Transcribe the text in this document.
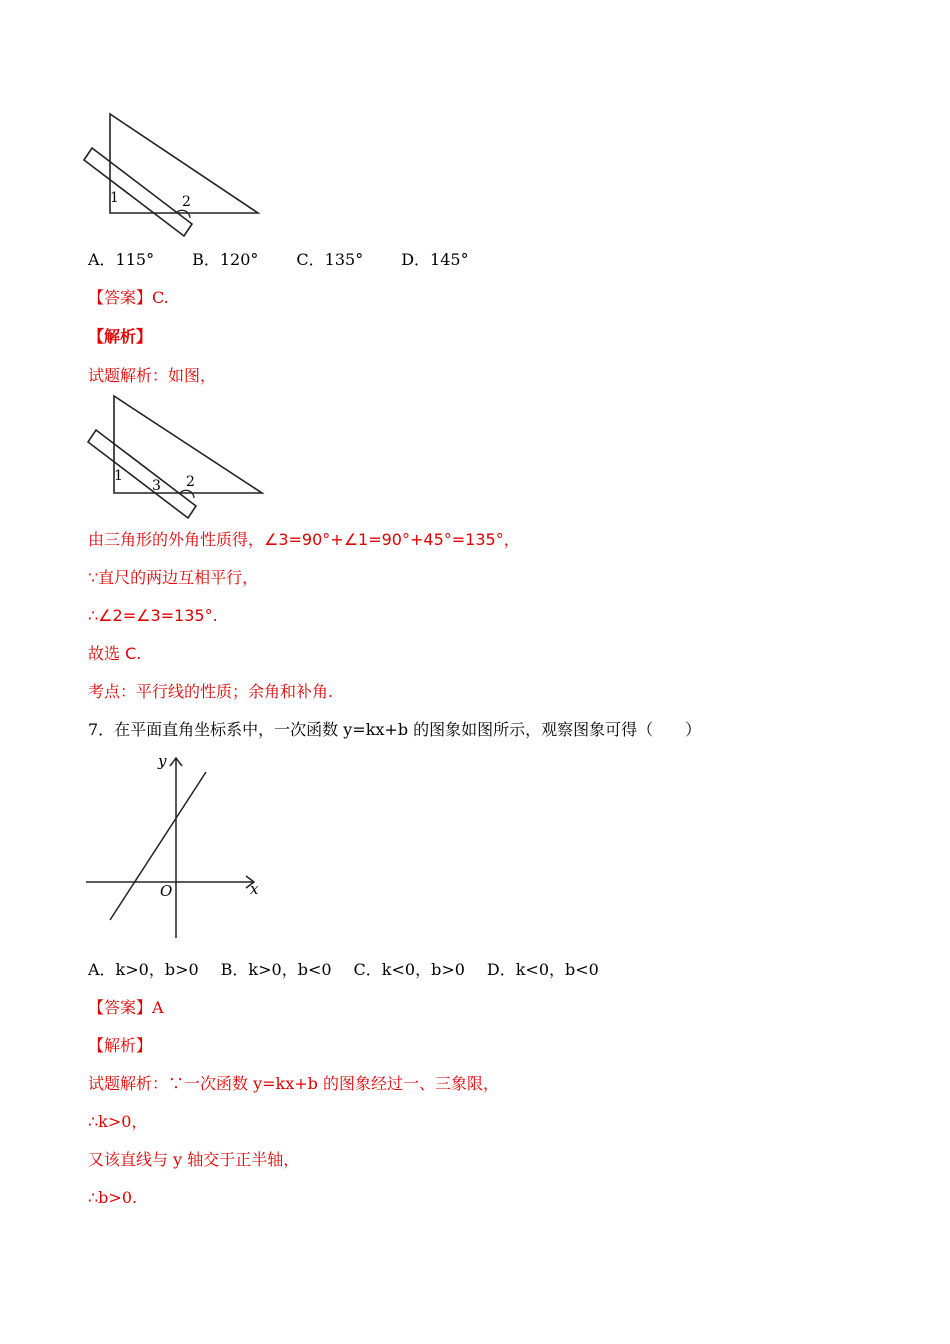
1	2
A．115° B．120° C．135° D．145°
【答案】C.
【解析】
试题解析：如图，
1
3 2
由三角形的外角性质得，∠3=90°+∠1=90°+45°=135°，
∵直尺的两边互相平行，
∴∠2=∠3=135°.
故选 C.
考点：平行线的性质；余角和补角.
7．在平面直角坐标系中，一次函数 y=kx+b 的图象如图所示，观察图象可得（　　）
y
x
O
A．k>0，b>0 B．k>0，b<0 C．k<0，b>0 D．k<0，b<0
【答案】A
【解析】
试题解析：∵一次函数 y=kx+b 的图象经过一、三象限，
∴k>0，
又该直线与 y 轴交于正半轴，
∴b>0.
